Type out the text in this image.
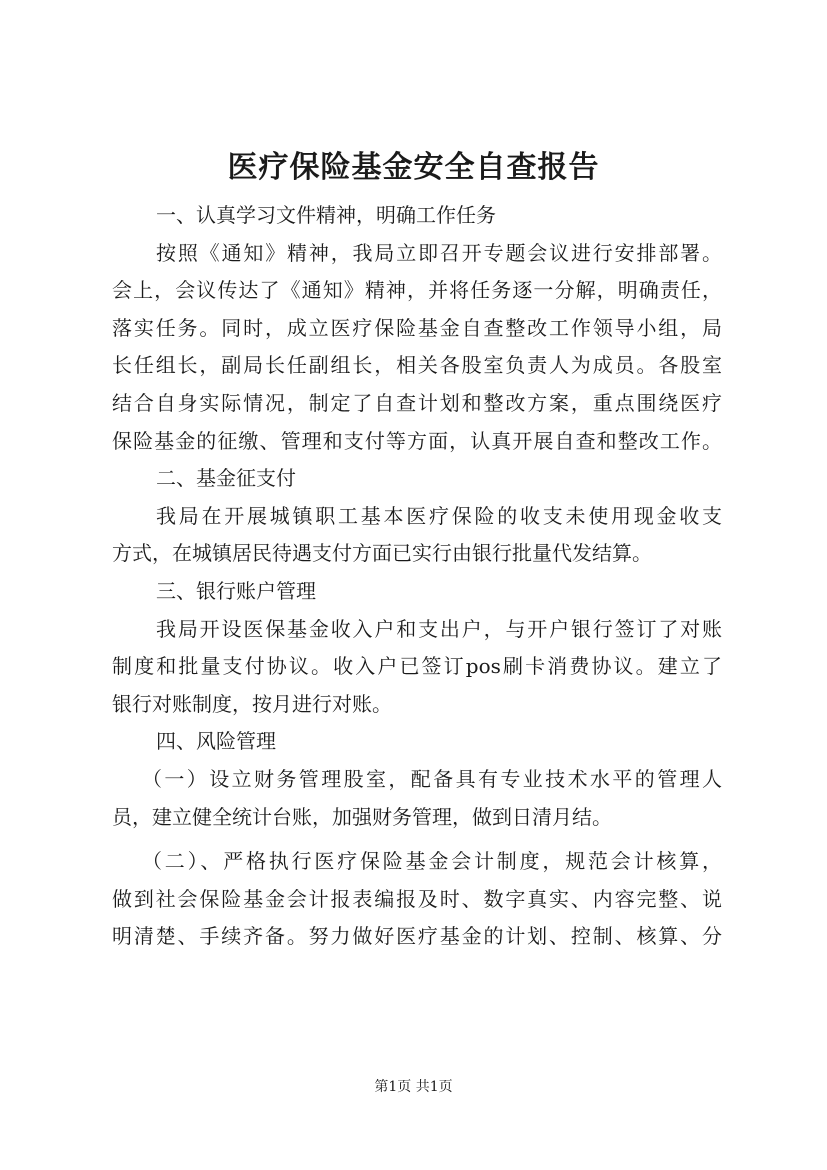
医疗保险基金安全自查报告
一、认真学习文件精神，明确工作任务
按照《通知》精神，我局立即召开专题会议进行安排部署。
会上，会议传达了《通知》精神，并将任务逐一分解，明确责任，
落实任务。同时，成立医疗保险基金自查整改工作领导小组，局
长任组长，副局长任副组长，相关各股室负责人为成员。各股室
结合自身实际情况，制定了自查计划和整改方案，重点围绕医疗
保险基金的征缴、管理和支付等方面，认真开展自查和整改工作。
二、基金征支付
我局在开展城镇职工基本医疗保险的收支未使用现金收支
方式，在城镇居民待遇支付方面已实行由银行批量代发结算。
三、银行账户管理
我局开设医保基金收入户和支出户，与开户银行签订了对账
制度和批量支付协议。收入户已签订pos刷卡消费协议。建立了
银行对账制度，按月进行对账。
四、风险管理
（一）设立财务管理股室，配备具有专业技术水平的管理人
员，建立健全统计台账，加强财务管理，做到日清月结。
（二）、严格执行医疗保险基金会计制度，规范会计核算，
做到社会保险基金会计报表编报及时、数字真实、内容完整、说
明清楚、手续齐备。努力做好医疗基金的计划、控制、核算、分
第1页 共1页
